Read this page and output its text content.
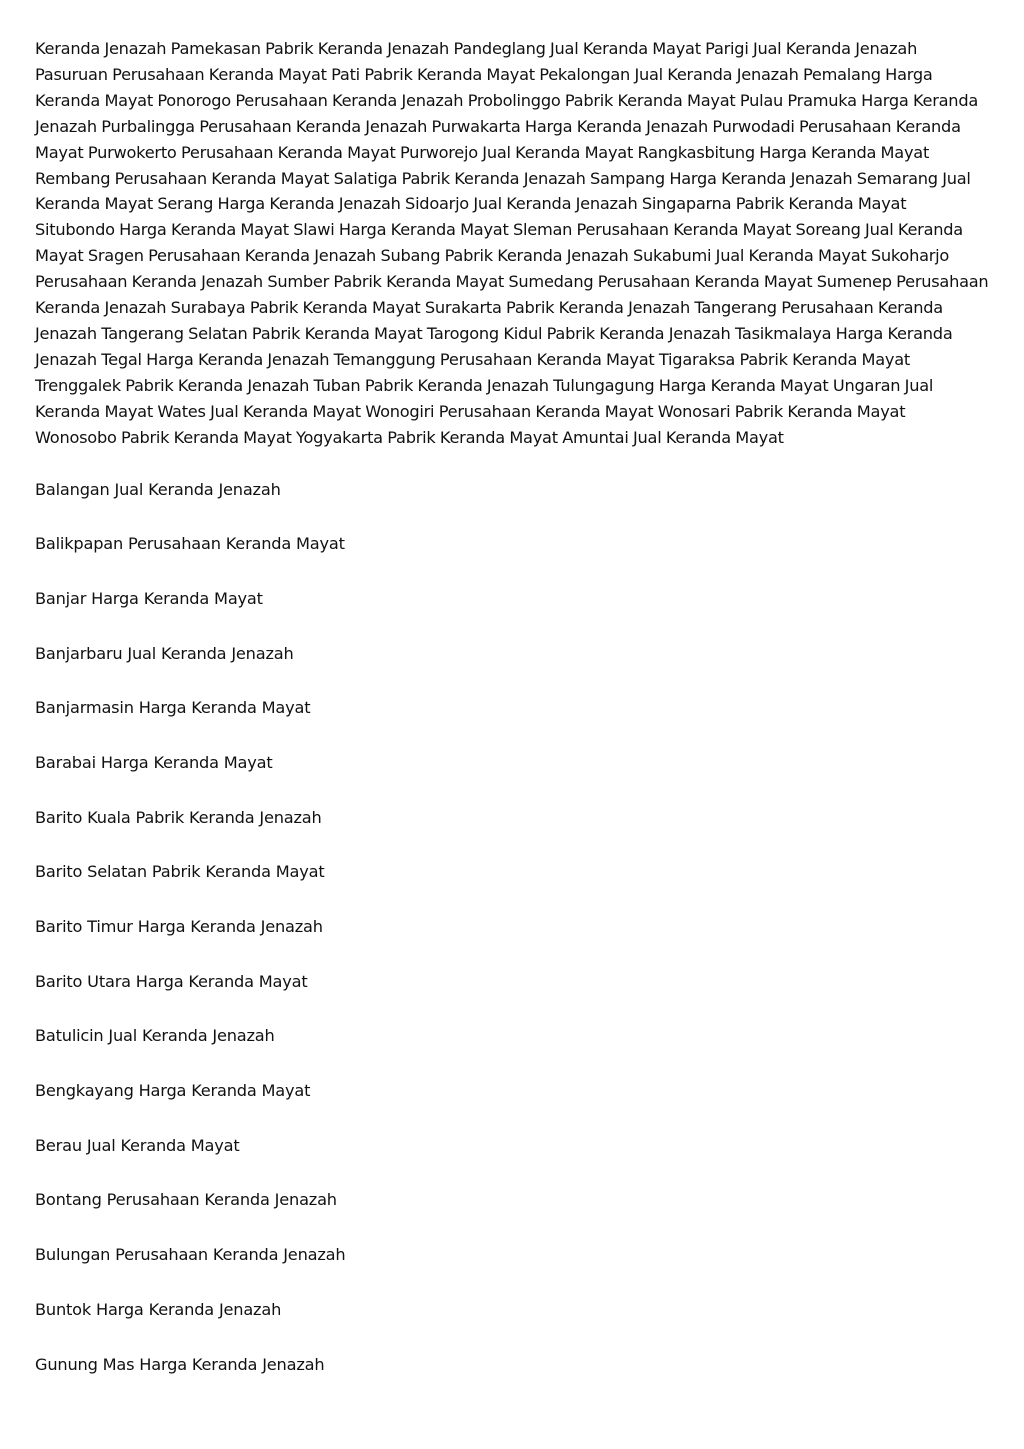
Keranda Jenazah Pamekasan Pabrik Keranda Jenazah Pandeglang Jual Keranda Mayat Parigi Jual Keranda Jenazah Pasuruan Perusahaan Keranda Mayat Pati Pabrik Keranda Mayat Pekalongan Jual Keranda Jenazah Pemalang Harga Keranda Mayat Ponorogo Perusahaan Keranda Jenazah Probolinggo Pabrik Keranda Mayat Pulau Pramuka Harga Keranda Jenazah Purbalingga Perusahaan Keranda Jenazah Purwakarta Harga Keranda Jenazah Purwodadi Perusahaan Keranda Mayat Purwokerto Perusahaan Keranda Mayat Purworejo Jual Keranda Mayat Rangkasbitung Harga Keranda Mayat Rembang Perusahaan Keranda Mayat Salatiga Pabrik Keranda Jenazah Sampang Harga Keranda Jenazah Semarang Jual Keranda Mayat Serang Harga Keranda Jenazah Sidoarjo Jual Keranda Jenazah Singaparna Pabrik Keranda Mayat Situbondo Harga Keranda Mayat Slawi Harga Keranda Mayat Sleman Perusahaan Keranda Mayat Soreang Jual Keranda Mayat Sragen Perusahaan Keranda Jenazah Subang Pabrik Keranda Jenazah Sukabumi Jual Keranda Mayat Sukoharjo Perusahaan Keranda Jenazah Sumber Pabrik Keranda Mayat Sumedang Perusahaan Keranda Mayat Sumenep Perusahaan Keranda Jenazah Surabaya Pabrik Keranda Mayat Surakarta Pabrik Keranda Jenazah Tangerang Perusahaan Keranda Jenazah Tangerang Selatan Pabrik Keranda Mayat Tarogong Kidul Pabrik Keranda Jenazah Tasikmalaya Harga Keranda Jenazah Tegal Harga Keranda Jenazah Temanggung Perusahaan Keranda Mayat Tigaraksa Pabrik Keranda Mayat Trenggalek Pabrik Keranda Jenazah Tuban Pabrik Keranda Jenazah Tulungagung Harga Keranda Mayat Ungaran Jual Keranda Mayat Wates Jual Keranda Mayat Wonogiri Perusahaan Keranda Mayat Wonosari Pabrik Keranda Mayat Wonosobo Pabrik Keranda Mayat Yogyakarta Pabrik Keranda Mayat Amuntai Jual Keranda Mayat

Balangan Jual Keranda Jenazah
Balikpapan Perusahaan Keranda Mayat
Banjar Harga Keranda Mayat
Banjarbaru Jual Keranda Jenazah
Banjarmasin Harga Keranda Mayat
Barabai Harga Keranda Mayat
Barito Kuala Pabrik Keranda Jenazah
Barito Selatan Pabrik Keranda Mayat
Barito Timur Harga Keranda Jenazah
Barito Utara Harga Keranda Mayat
Batulicin Jual Keranda Jenazah
Bengkayang Harga Keranda Mayat
Berau Jual Keranda Mayat
Bontang Perusahaan Keranda Jenazah
Bulungan Perusahaan Keranda Jenazah
Buntok Harga Keranda Jenazah
Gunung Mas Harga Keranda Jenazah
